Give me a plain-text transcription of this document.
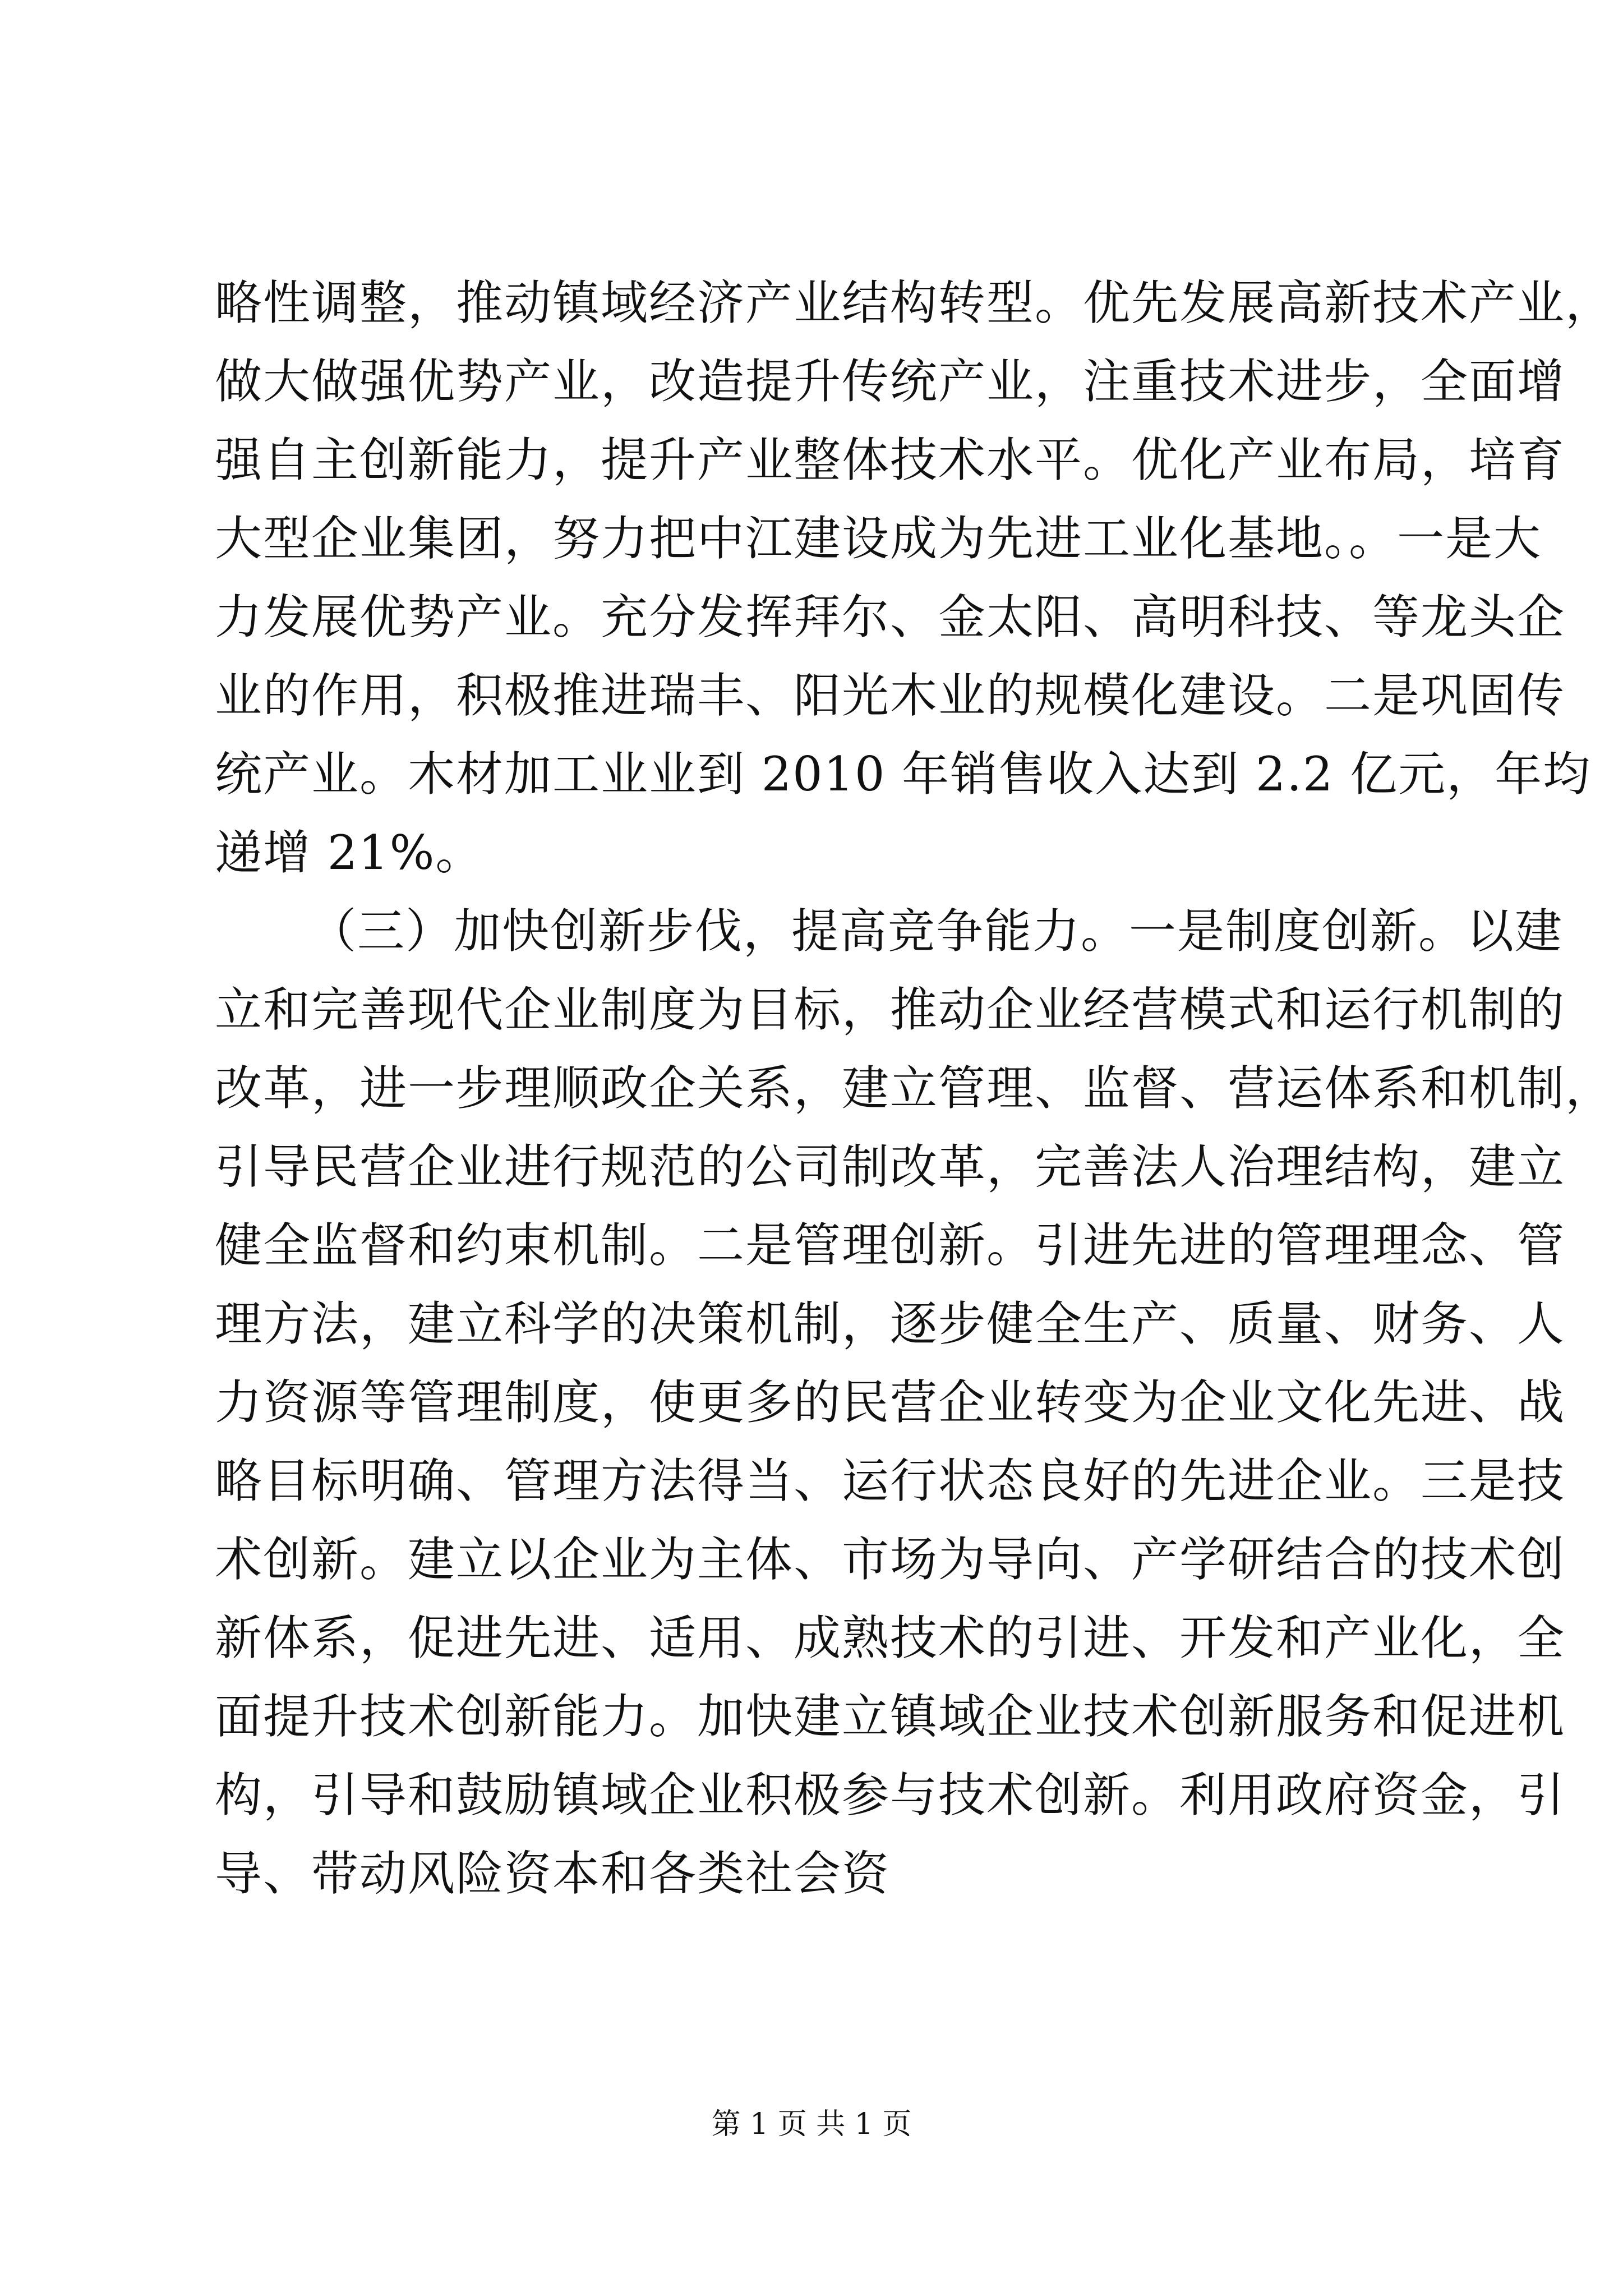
略性调整，推动镇域经济产业结构转型。优先发展高新技术产业，
做大做强优势产业，改造提升传统产业，注重技术进步，全面增
强自主创新能力，提升产业整体技术水平。优化产业布局，培育
大型企业集团，努力把中江建设成为先进工业化基地。。一是大
力发展优势产业。充分发挥拜尔、金太阳、高明科技、等龙头企
业的作用，积极推进瑞丰、阳光木业的规模化建设。二是巩固传
统产业。木材加工业业到 2010 年销售收入达到 2.2 亿元，年均
递增 21%。
（三）加快创新步伐，提高竞争能力。一是制度创新。以建
立和完善现代企业制度为目标，推动企业经营模式和运行机制的
改革，进一步理顺政企关系，建立管理、监督、营运体系和机制，
引导民营企业进行规范的公司制改革，完善法人治理结构，建立
健全监督和约束机制。二是管理创新。引进先进的管理理念、管
理方法，建立科学的决策机制，逐步健全生产、质量、财务、人
力资源等管理制度，使更多的民营企业转变为企业文化先进、战
略目标明确、管理方法得当、运行状态良好的先进企业。三是技
术创新。建立以企业为主体、市场为导向、产学研结合的技术创
新体系，促进先进、适用、成熟技术的引进、开发和产业化，全
面提升技术创新能力。加快建立镇域企业技术创新服务和促进机
构，引导和鼓励镇域企业积极参与技术创新。利用政府资金，引
导、带动风险资本和各类社会资
第 1 页 共 1 页
